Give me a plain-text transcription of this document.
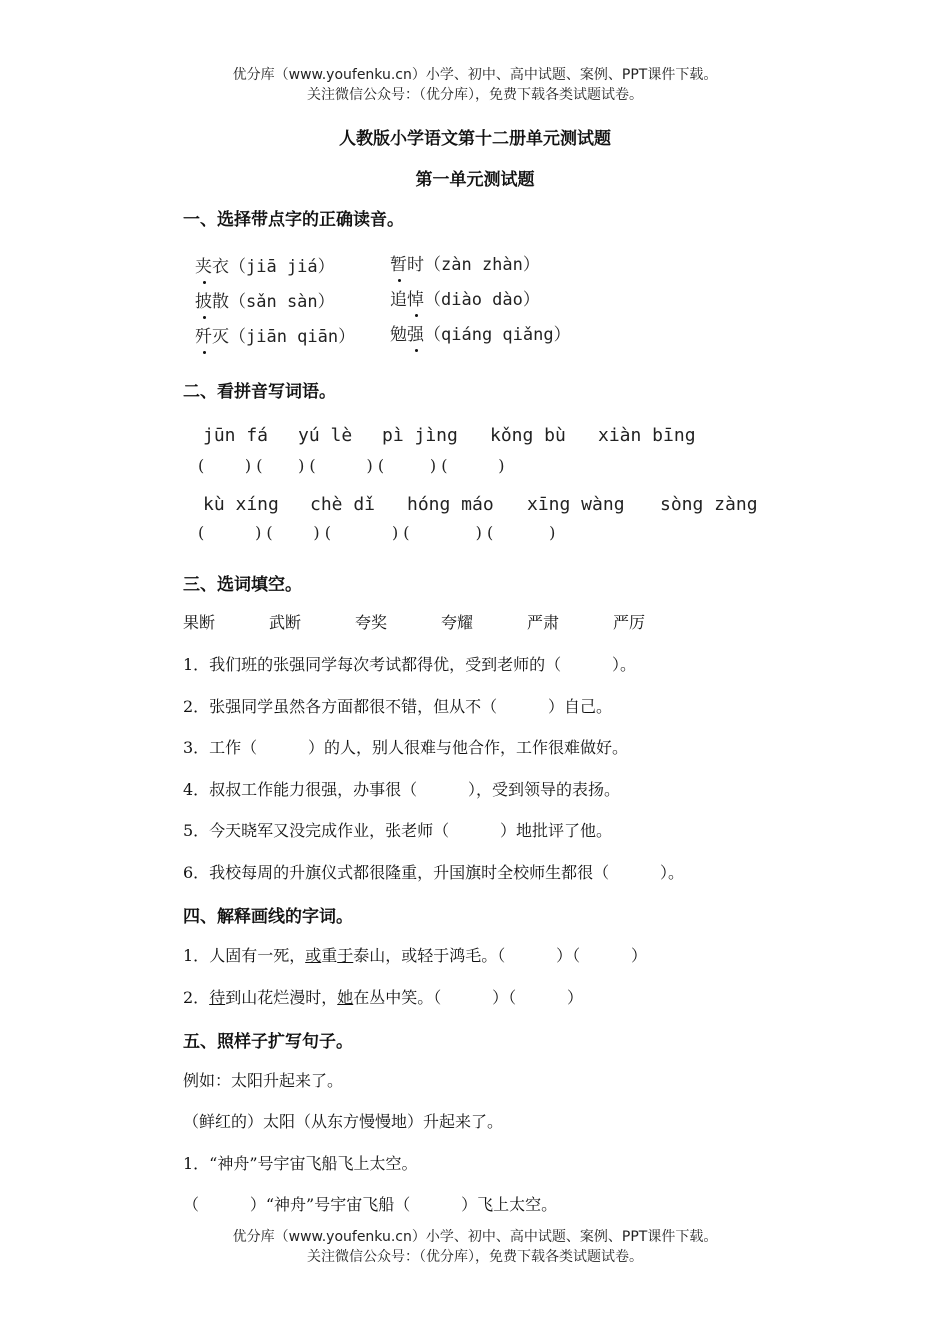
优分库（www.youfenku.cn）小学、初中、高中试题、案例、PPT课件下载。
关注微信公众号：（优分库），免费下载各类试题试卷。
人教版小学语文第十二册单元测试题
第一单元测试题
一、选择带点字的正确读音。
夹衣（jiā jiá）	暂时（zàn zhàn）
披散（sǎn sàn）	追悼（diào dào）
歼灭（jiān qiān） 勉强（qiáng qiǎng）
二、看拼音写词语。
jūn fá yú lè pì jìng kǒng bù xiàn bīng
(        ) (       ) (          ) (         ) (          )
kù xíng chè dǐ hóng máo xīng wàng sòng zàng
(          ) (        ) (            ) (             ) (           )
三、选词填空。
果断	武断	夸奖	夸耀	严肃	严厉
1．我们班的张强同学每次考试都得优，受到老师的（          ）。
2．张强同学虽然各方面都很不错，但从不（          ）自己。
3．工作（          ）的人，别人很难与他合作，工作很难做好。
4．叔叔工作能力很强，办事很（          ），受到领导的表扬。
5．今天晓军又没完成作业，张老师（          ）地批评了他。
6．我校每周的升旗仪式都很隆重，升国旗时全校师生都很（          ）。
四、解释画线的字词。
1．人固有一死，或重于泰山，或轻于鸿毛。（          ）（          ）
2．待到山花烂漫时，她在丛中笑。（          ）（          ）
五、照样子扩写句子。
例如：太阳升起来了。
（鲜红的）太阳（从东方慢慢地）升起来了。
1．“神舟”号宇宙飞船飞上太空。
（          ）“神舟”号宇宙飞船（          ）飞上太空。
优分库（www.youfenku.cn）小学、初中、高中试题、案例、PPT课件下载。
关注微信公众号：（优分库），免费下载各类试题试卷。
